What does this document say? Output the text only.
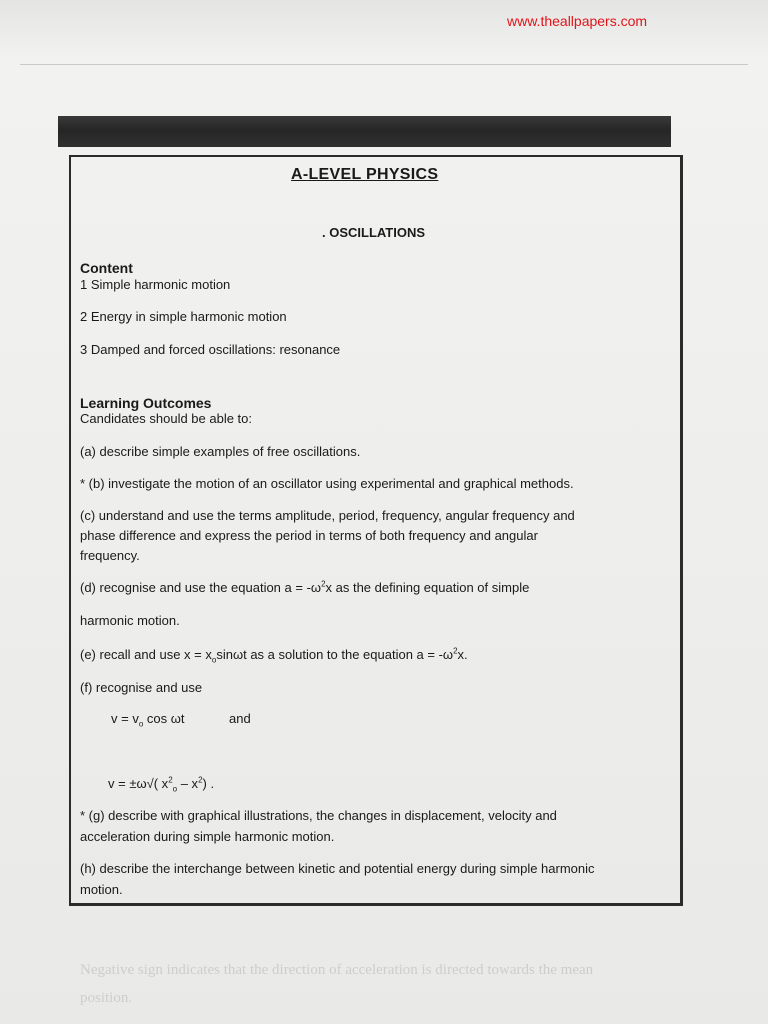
Negative sign indicates that the direction of acceleration is directed towards the mean
position.
www.theallpapers.com
A-LEVEL PHYSICS
. OSCILLATIONS
Content
1 Simple harmonic motion
2 Energy in simple harmonic motion
3 Damped and forced oscillations: resonance
Learning Outcomes
Candidates should be able to:
(a) describe simple examples of free oscillations.
* (b) investigate the motion of an oscillator using experimental and graphical methods.
(c) understand and use the terms amplitude, period, frequency, angular frequency and
phase difference and express the period in terms of both frequency and angular
frequency.
(d) recognise and use the equation $a = -\omega^2x$ as the defining equation of simple
harmonic motion.
(e) recall and use $x = x_o\sin\omega t$ as a solution to the equation $a = -\omega^2x$.
(f) recognise and use
$v = v_o$ cos ωt	and
v = ±ω√( $x^2_o - x^2$) .
* (g) describe with graphical illustrations, the changes in displacement, velocity and
acceleration during simple harmonic motion.
(h) describe the interchange between kinetic and potential energy during simple harmonic
motion.
